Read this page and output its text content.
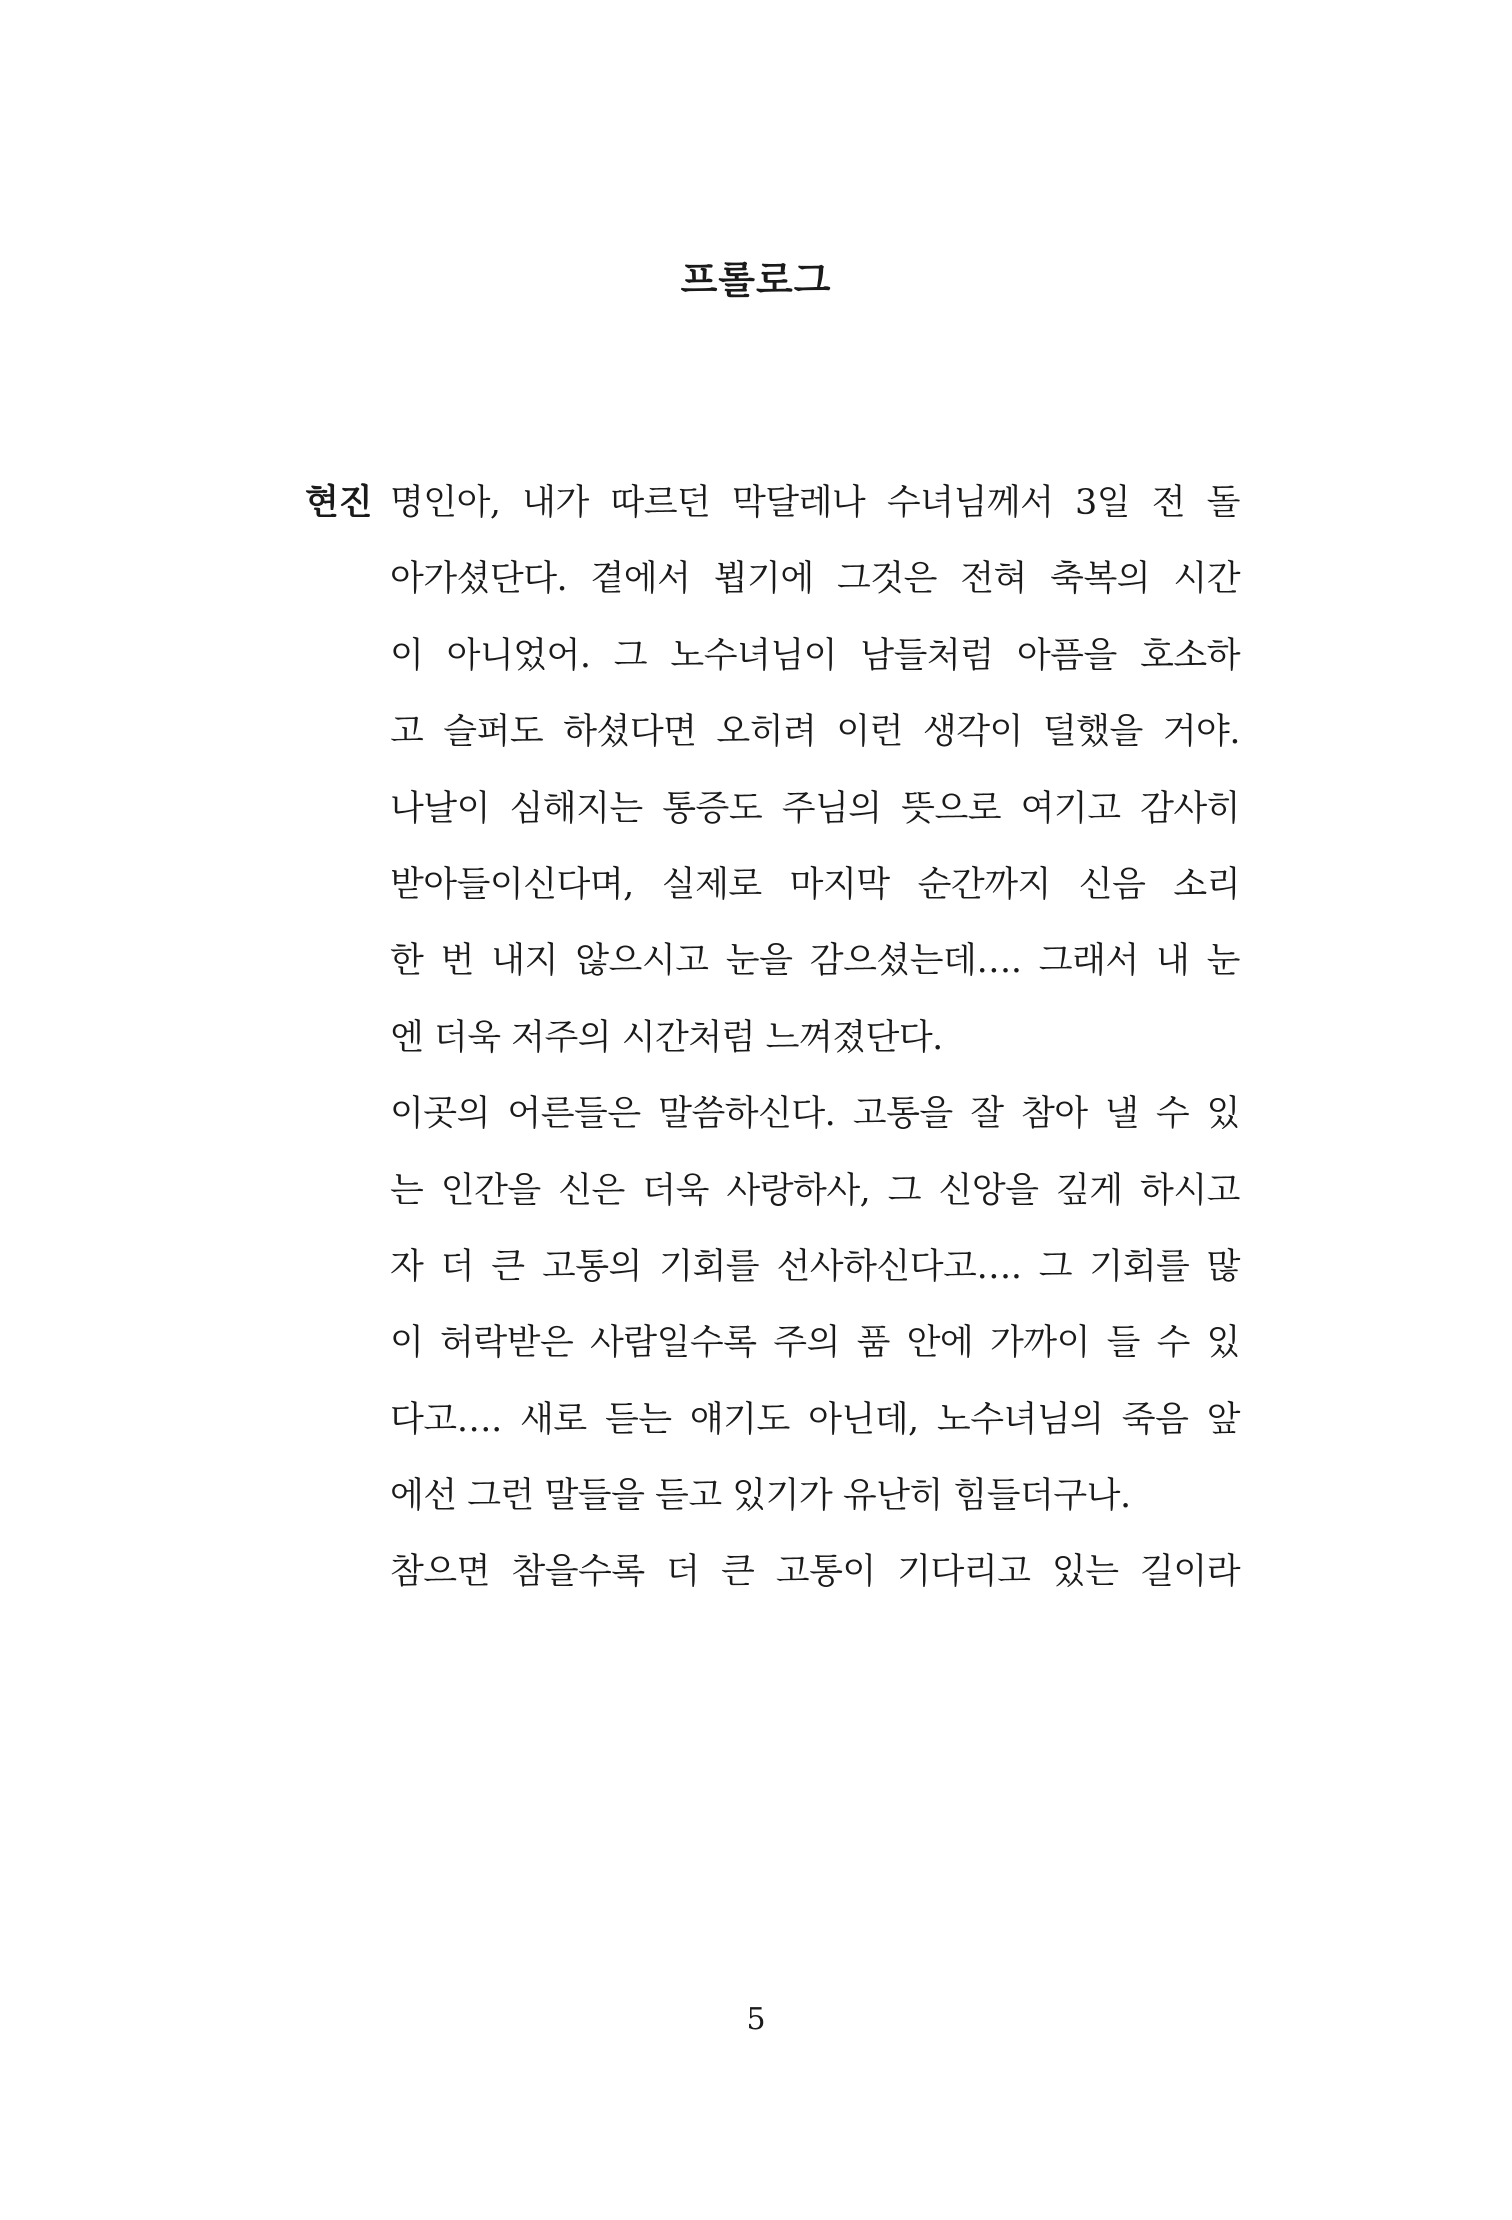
프롤로그
현진 명인아, 내가 따르던 막달레나 수녀님께서 3일 전 돌
아가셨단다. 곁에서 뵙기에 그것은 전혀 축복의 시간
이 아니었어. 그 노수녀님이 남들처럼 아픔을 호소하
고 슬퍼도 하셨다면 오히려 이런 생각이 덜했을 거야.
나날이 심해지는 통증도 주님의 뜻으로 여기고 감사히
받아들이신다며, 실제로 마지막 순간까지 신음 소리
한 번 내지 않으시고 눈을 감으셨는데…. 그래서 내 눈
엔 더욱 저주의 시간처럼 느껴졌단다.
이곳의 어른들은 말씀하신다. 고통을 잘 참아 낼 수 있
는 인간을 신은 더욱 사랑하사, 그 신앙을 깊게 하시고
자 더 큰 고통의 기회를 선사하신다고…. 그 기회를 많
이 허락받은 사람일수록 주의 품 안에 가까이 들 수 있
다고…. 새로 듣는 얘기도 아닌데, 노수녀님의 죽음 앞
에선 그런 말들을 듣고 있기가 유난히 힘들더구나.
참으면 참을수록 더 큰 고통이 기다리고 있는 길이라
5
